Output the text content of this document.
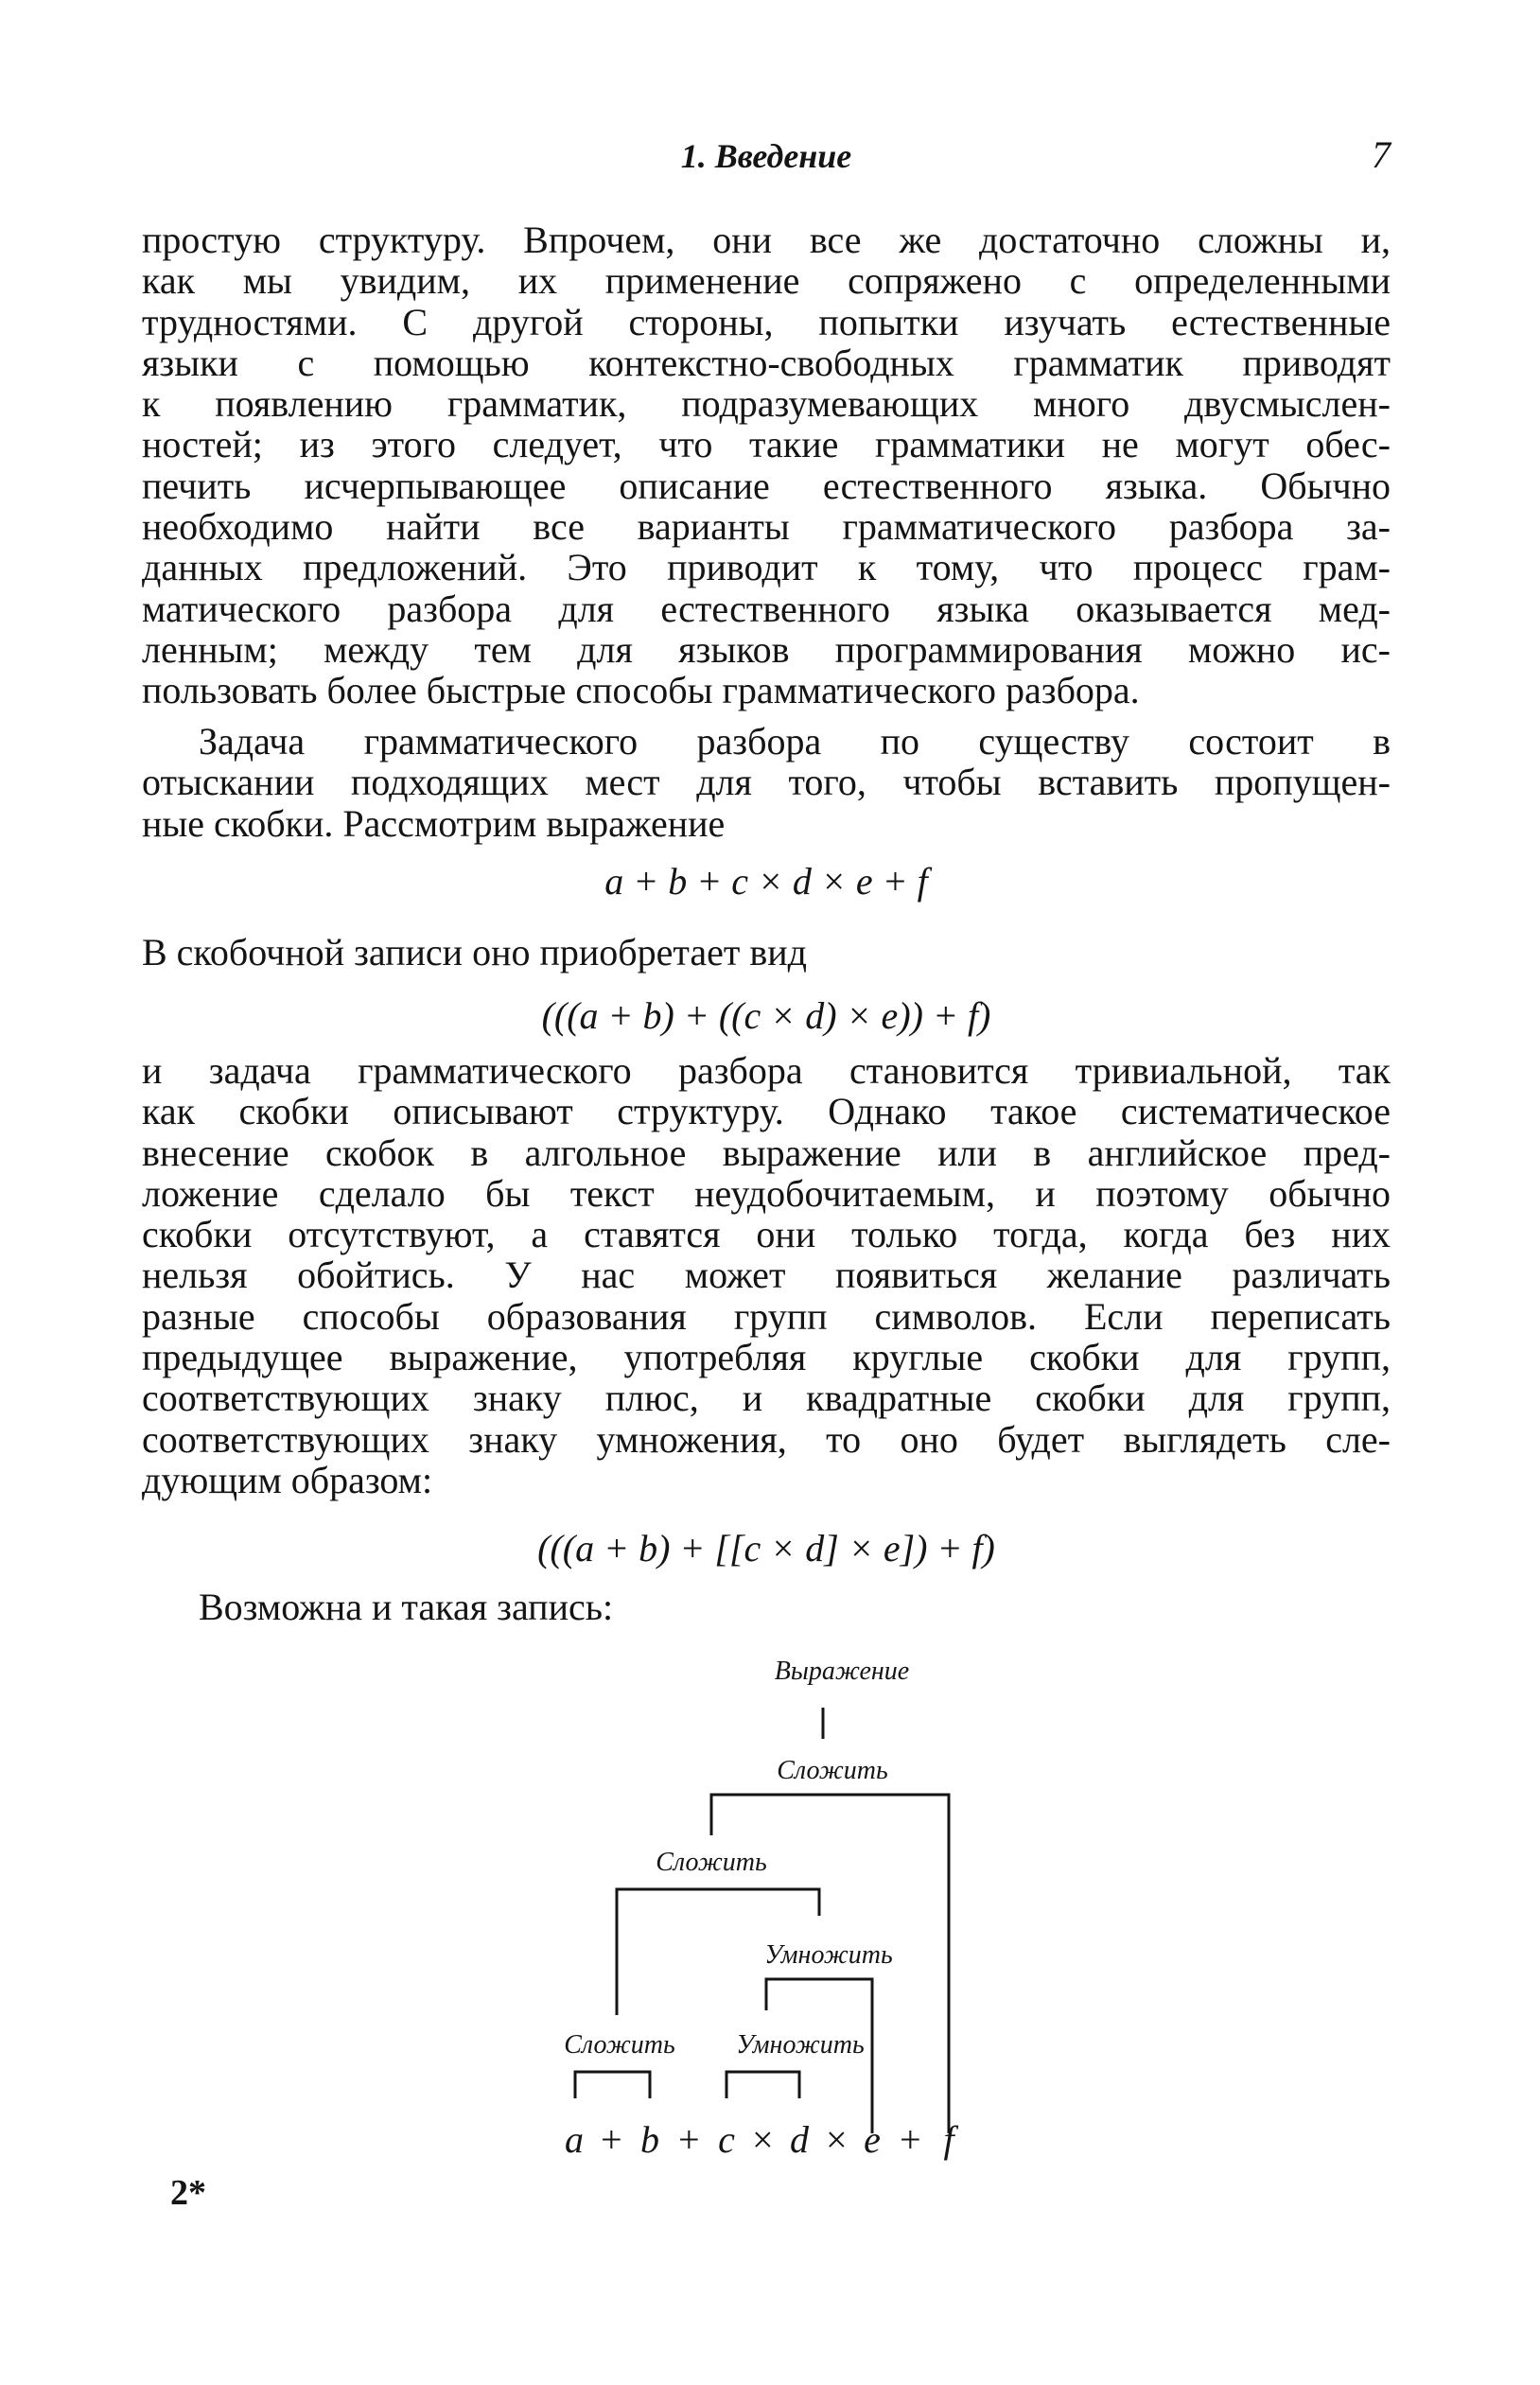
1. Введение	7
простую структуру. Впрочем, они все же достаточно сложны и,
как мы увидим, их применение сопряжено с определенными
трудностями. С другой стороны, попытки изучать естественные
языки с помощью контекстно-свободных грамматик приводят
к появлению грамматик, подразумевающих много двусмыслен-
ностей; из этого следует, что такие грамматики не могут обес-
печить исчерпывающее описание естественного языка. Обычно
необходимо найти все варианты грамматического разбора за-
данных предложений. Это приводит к тому, что процесс грам-
матического разбора для естественного языка оказывается мед-
ленным; между тем для языков программирования можно ис-
пользовать более быстрые способы грамматического разбора.
Задача грамматического разбора по существу состоит в
отыскании подходящих мест для того, чтобы вставить пропущен-
ные скобки. Рассмотрим выражение
a + b + c × d × e + f
В скобочной записи оно приобретает вид
(((a + b) + ((c × d) × e)) + f)
и задача грамматического разбора становится тривиальной, так
как скобки описывают структуру. Однако такое систематическое
внесение скобок в алгольное выражение или в английское пред-
ложение сделало бы текст неудобочитаемым, и поэтому обычно
скобки отсутствуют, а ставятся они только тогда, когда без них
нельзя обойтись. У нас может появиться желание различать
разные способы образования групп символов. Если переписать
предыдущее выражение, употребляя круглые скобки для групп,
соответствующих знаку плюс, и квадратные скобки для групп,
соответствующих знаку умножения, то оно будет выглядеть сле-
дующим образом:
(((a + b) + [[c × d] × e]) + f)
Возможна и такая запись:
Выражение
Сложить
Сложить
Умножить
Сложить Умножить
a + b + c × d × e + f
2*
